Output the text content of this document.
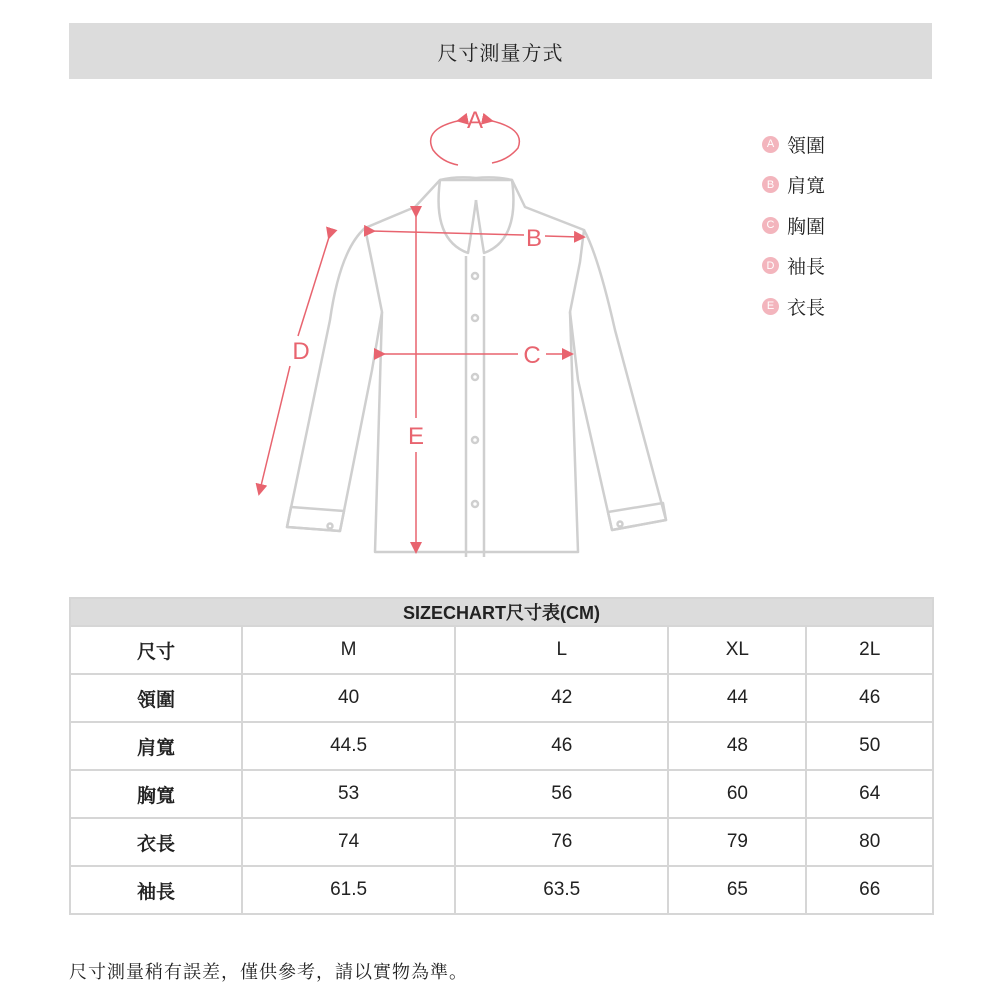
尺寸測量方式
A
B
C
D
E
A 領圍
B 肩寬
C 胸圍
D 袖長
E 衣長
SIZECHART尺寸表(CM)				
尺寸	M	L	XL	2L
領圍	40	42	44	46
肩寬	44.5	46	48	50
胸寬	53	56	60	64
衣長	74	76	79	80
袖長	61.5	63.5	65	66
尺寸測量稍有誤差，僅供參考，請以實物為準。
